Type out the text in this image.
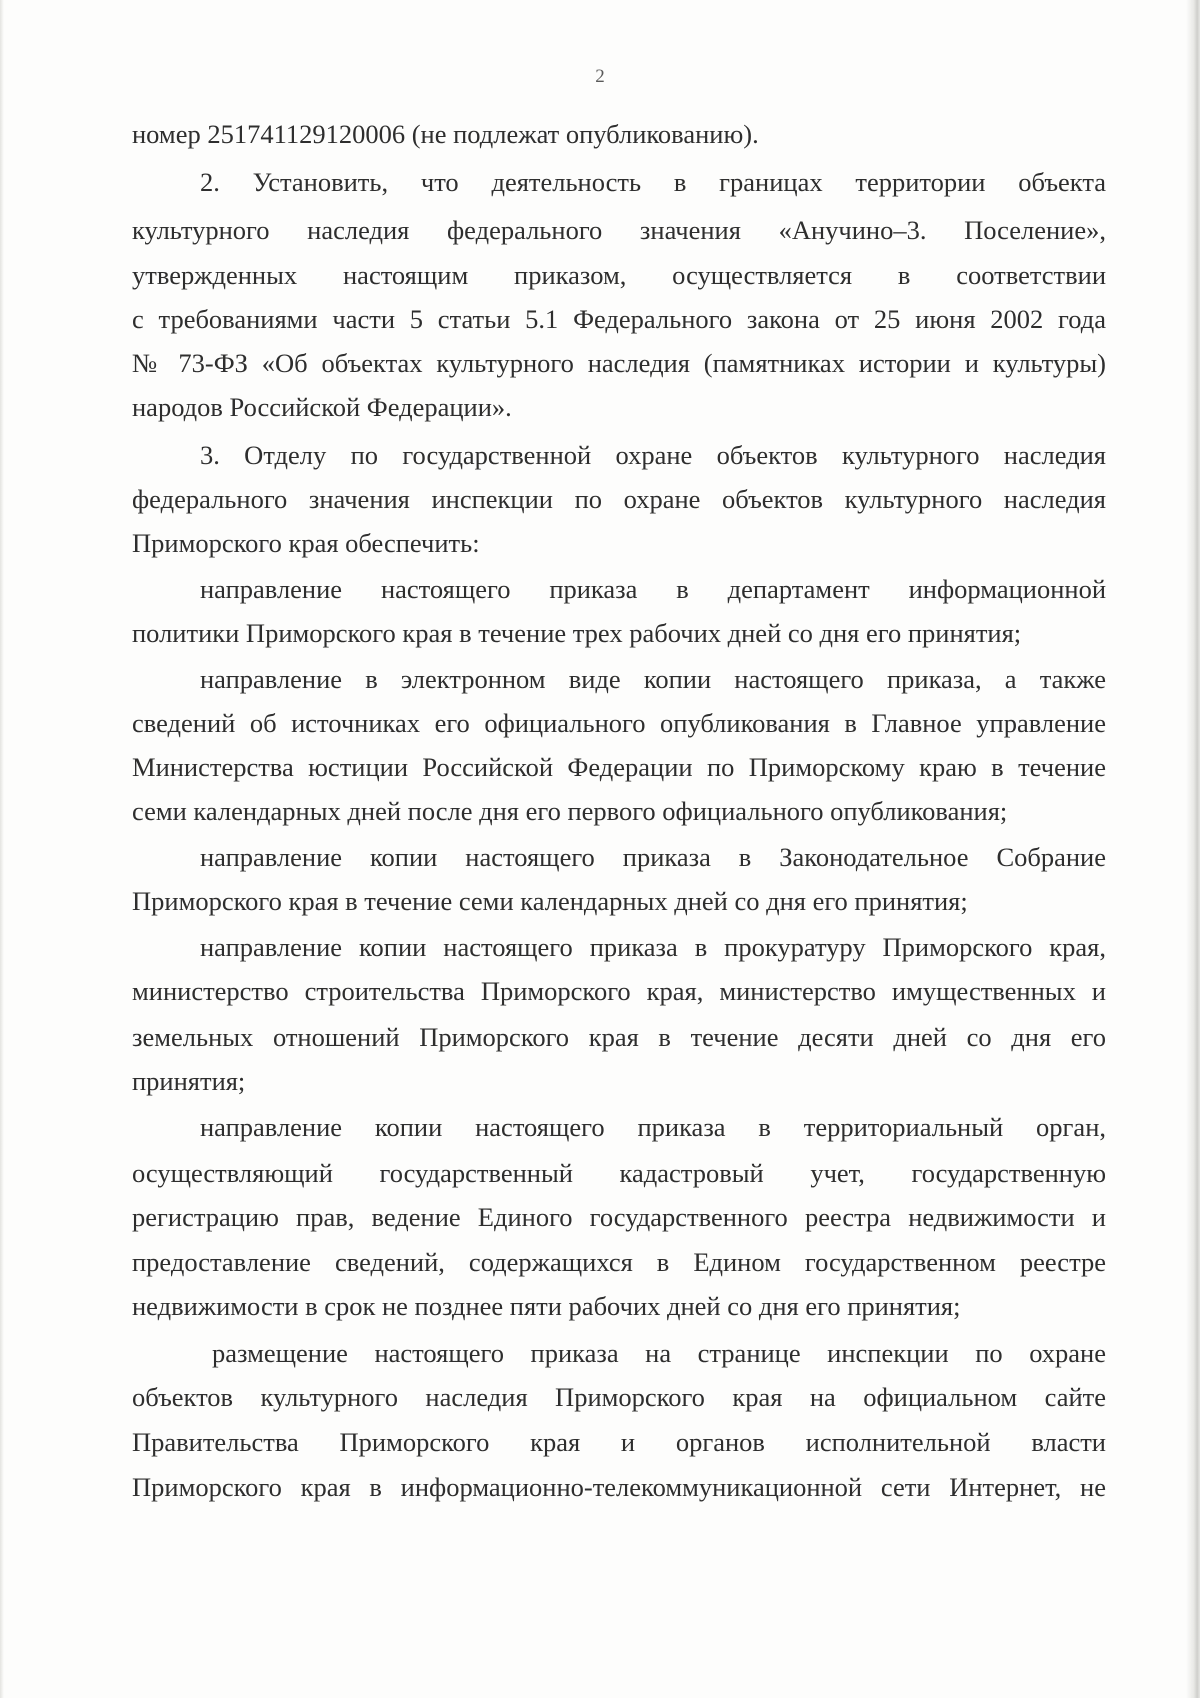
2
номер 251741129120006 (не подлежат опубликованию).
2. Установить, что деятельность в границах территории объекта
культурного наследия федерального значения «Анучино–3. Поселение»,
утвержденных настоящим приказом, осуществляется в соответствии
с требованиями части 5 статьи 5.1 Федерального закона от 25 июня 2002 года
№ 73-ФЗ «Об объектах культурного наследия (памятниках истории и культуры)
народов Российской Федерации».
3. Отделу по государственной охране объектов культурного наследия
федерального значения инспекции по охране объектов культурного наследия
Приморского края обеспечить:
направление настоящего приказа в департамент информационной
политики Приморского края в течение трех рабочих дней со дня его принятия;
направление в электронном виде копии настоящего приказа, а также
сведений об источниках его официального опубликования в Главное управление
Министерства юстиции Российской Федерации по Приморскому краю в течение
семи календарных дней после дня его первого официального опубликования;
направление копии настоящего приказа в Законодательное Собрание
Приморского края в течение семи календарных дней со дня его принятия;
направление копии настоящего приказа в прокуратуру Приморского края,
министерство строительства Приморского края, министерство имущественных и
земельных отношений Приморского края в течение десяти дней со дня его
принятия;
направление копии настоящего приказа в территориальный орган,
осуществляющий государственный кадастровый учет, государственную
регистрацию прав, ведение Единого государственного реестра недвижимости и
предоставление сведений, содержащихся в Едином государственном реестре
недвижимости в срок не позднее пяти рабочих дней со дня его принятия;
размещение настоящего приказа на странице инспекции по охране
объектов культурного наследия Приморского края на официальном сайте
Правительства Приморского края и органов исполнительной власти
Приморского края в информационно-телекоммуникационной сети Интернет, не
